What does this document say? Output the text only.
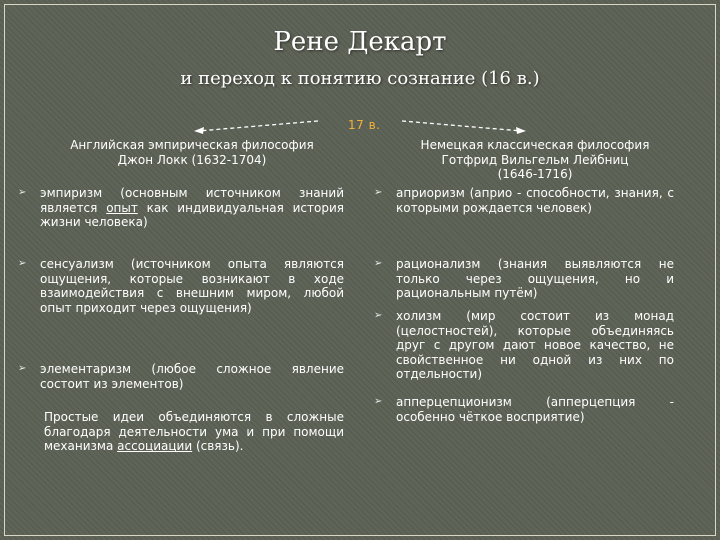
Рене Декарт
и переход к понятию сознание (16 в.)
17 в.
Английская эмпирическая философия
Джон Локк (1632-1704)
➢	эмпиризм (основным источником знаний является опыт как индивидуальная история жизни человека)
➢	сенсуализм (источником опыта являются ощущения, которые возникают в ходе взаимодействия с внешним миром, любой опыт приходит через ощущения)
➢	элементаризм (любое сложное явление состоит из элементов)
Простые идеи объединяются в сложные благодаря деятельности ума и при помощи механизма ассоциации (связь).
Немецкая классическая философия
Готфрид Вильгельм Лейбниц
(1646-1716)
➢	априоризм (априо - способности, знания, с которыми рождается человек)
➢	рационализм (знания выявляются не только через ощущения, но и рациональным путём)
➢	холизм (мир состоит из монад (целостностей), которые объединяясь друг с другом дают новое качество, не свойственное ни одной из них по отдельности)
➢	апперцепционизм (апперцепция - особенно чёткое восприятие)
